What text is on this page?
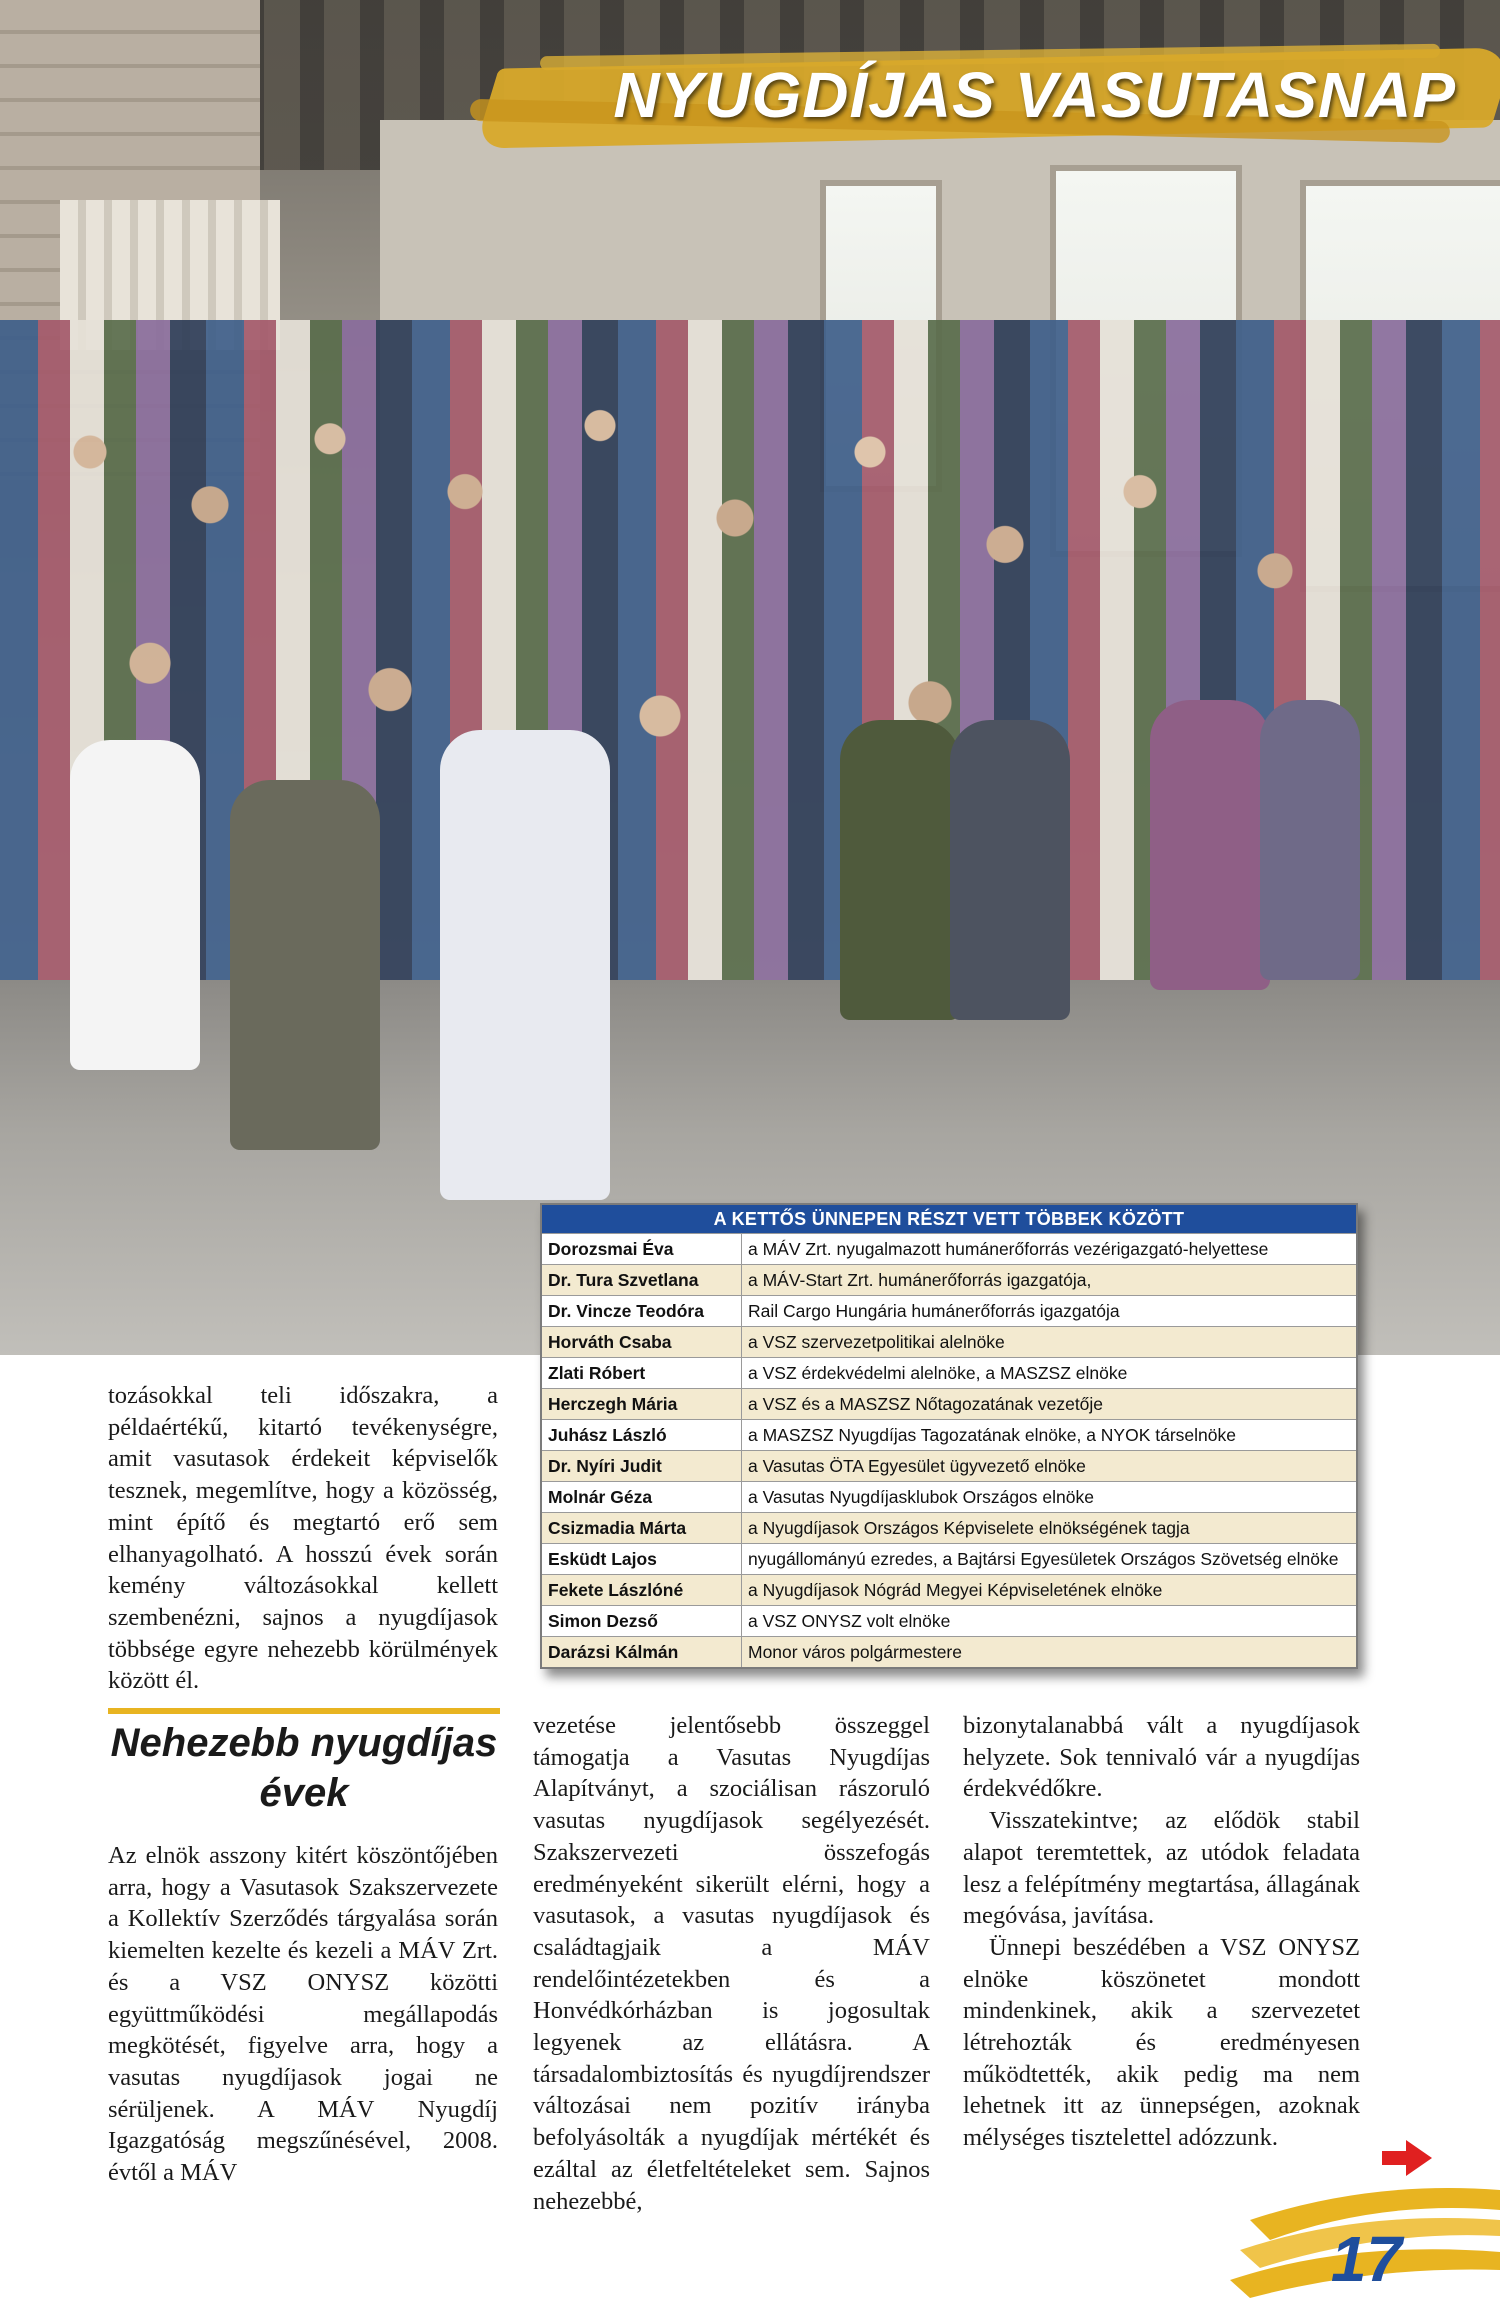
NYUGDÍJAS VASUTASNAP
A KETTŐS ÜNNEPEN RÉSZT VETT TÖBBEK KÖZÖTT
Dorozsmai Éva	a MÁV Zrt. nyugalmazott humánerőforrás vezérigazgató-helyettese
Dr. Tura Szvetlana	a MÁV-Start Zrt. humánerőforrás igazgatója,
Dr. Vincze Teodóra	Rail Cargo Hungária humánerőforrás igazgatója
Horváth Csaba	a VSZ szervezetpolitikai alelnöke
Zlati Róbert	a VSZ érdekvédelmi alelnöke, a MASZSZ elnöke
Herczegh Mária	a VSZ és a MASZSZ Nőtagozatának vezetője
Juhász László	a MASZSZ Nyugdíjas Tagozatának elnöke, a NYOK társelnöke
Dr. Nyíri Judit	a Vasutas ÖTA Egyesület ügyvezető elnöke
Molnár Géza	a Vasutas Nyugdíjasklubok Országos elnöke
Csizmadia Márta	a Nyugdíjasok Országos Képviselete elnökségének tagja
Esküdt Lajos	nyugállományú ezredes, a Bajtársi Egyesületek Országos Szövetség elnöke
Fekete Lászlóné	a Nyugdíjasok Nógrád Megyei Képviseletének elnöke
Simon Dezső	a VSZ ONYSZ volt elnöke
Darázsi Kálmán	Monor város polgármestere

tozásokkal teli időszakra, a példaértékű, kitartó tevékenységre, amit vasutasok érdekeit képviselők tesznek, megemlítve, hogy a közösség, mint építő és megtartó erő sem elhanyagolható. A hosszú évek során kemény változásokkal kellett szembenézni, sajnos a nyugdíjasok többsége egyre nehezebb körülmények között él.

Nehezebb nyugdíjas évek

Az elnök asszony kitért köszöntőjében arra, hogy a Vasutasok Szakszervezete a Kollektív Szerződés tárgyalása során kiemelten kezelte és kezeli a MÁV Zrt. és a VSZ ONYSZ közötti együttműködési megállapodás megkötését, figyelve arra, hogy a vasutas nyugdíjasok jogai ne sérüljenek. A MÁV Nyugdíj Igazgatóság megszűnésével, 2008. évtől a MÁV

vezetése jelentősebb összeggel támogatja a Vasutas Nyugdíjas Alapítványt, a szociálisan rászoruló vasutas nyugdíjasok segélyezését. Szakszervezeti összefogás eredményeként sikerült elérni, hogy a vasutasok, a vasutas nyugdíjasok és családtagjaik a MÁV rendelőintézetekben és a Honvédkórházban is jogosultak legyenek az ellátásra. A társadalombiztosítás és nyugdíjrendszer változásai nem pozitív irányba befolyásolták a nyugdíjak mértékét és ezáltal az életfeltételeket sem. Sajnos nehezebbé,

bizonytalanabbá vált a nyugdíjasok helyzete. Sok tennivaló vár a nyugdíjas érdekvédőkre.

Visszatekintve; az elődök stabil alapot teremtettek, az utódok feladata lesz a felépítmény megtartása, állagának megóvása, javítása.

Ünnepi beszédében a VSZ ONYSZ elnöke köszönetet mondott mindenkinek, akik a szervezetet létrehozták és eredményesen működtették, akik pedig ma nem lehetnek itt az ünnepségen, azoknak mélységes tisztelettel adózzunk.

17
